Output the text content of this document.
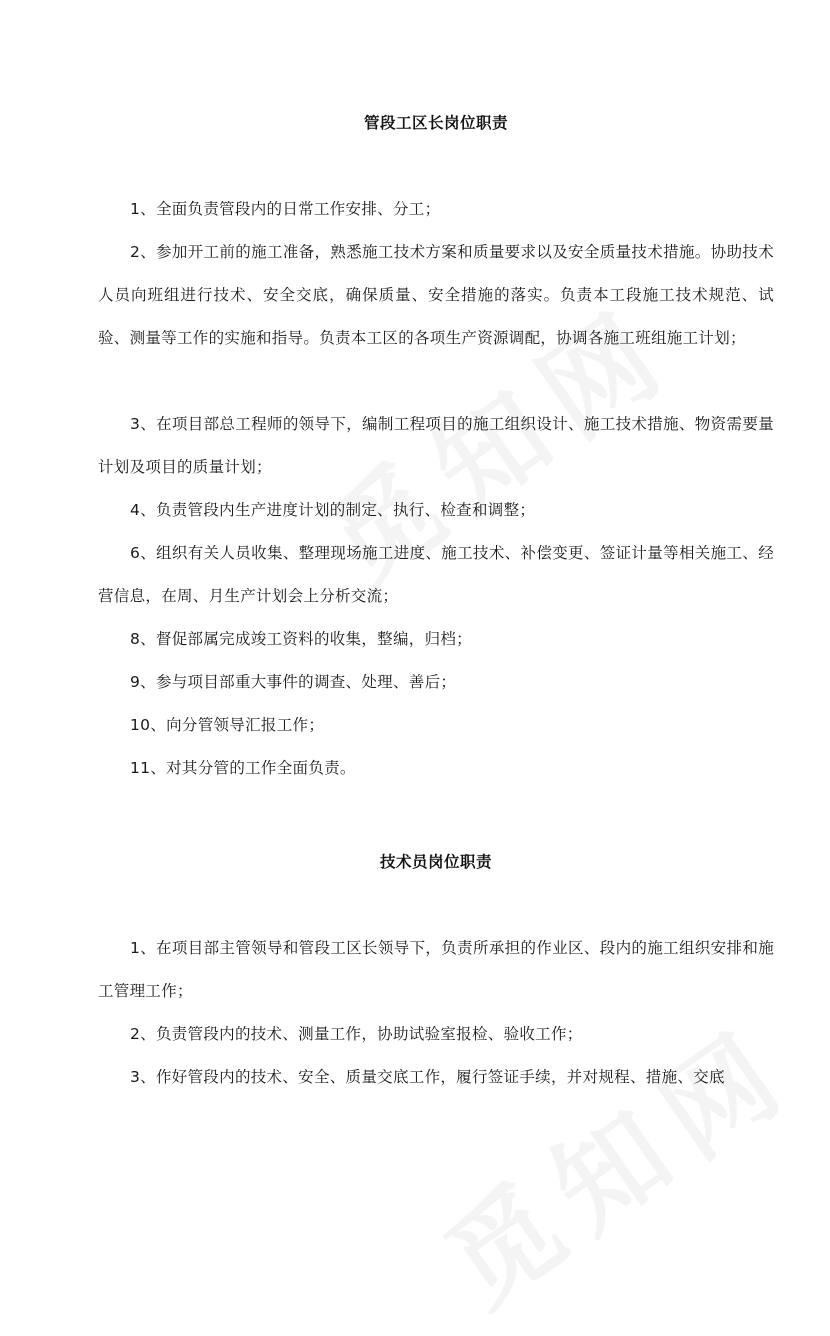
管段工区长岗位职责
1、全面负责管段内的日常工作安排、分工；
2、参加开工前的施工准备，熟悉施工技术方案和质量要求以及安全质量技术措施。协助技术人员向班组进行技术、安全交底，确保质量、安全措施的落实。负责本工段施工技术规范、试验、测量等工作的实施和指导。负责本工区的各项生产资源调配，协调各施工班组施工计划；
3、在项目部总工程师的领导下，编制工程项目的施工组织设计、施工技术措施、物资需要量计划及项目的质量计划；
4、负责管段内生产进度计划的制定、执行、检查和调整；
6、组织有关人员收集、整理现场施工进度、施工技术、补偿变更、签证计量等相关施工、经营信息，在周、月生产计划会上分析交流；
8、督促部属完成竣工资料的收集，整编，归档；
9、参与项目部重大事件的调查、处理、善后；
10、向分管领导汇报工作；
11、对其分管的工作全面负责。
技术员岗位职责
1、在项目部主管领导和管段工区长领导下，负责所承担的作业区、段内的施工组织安排和施工管理工作；
2、负责管段内的技术、测量工作，协助试验室报检、验收工作；
3、作好管段内的技术、安全、质量交底工作，履行签证手续，并对规程、措施、交底
